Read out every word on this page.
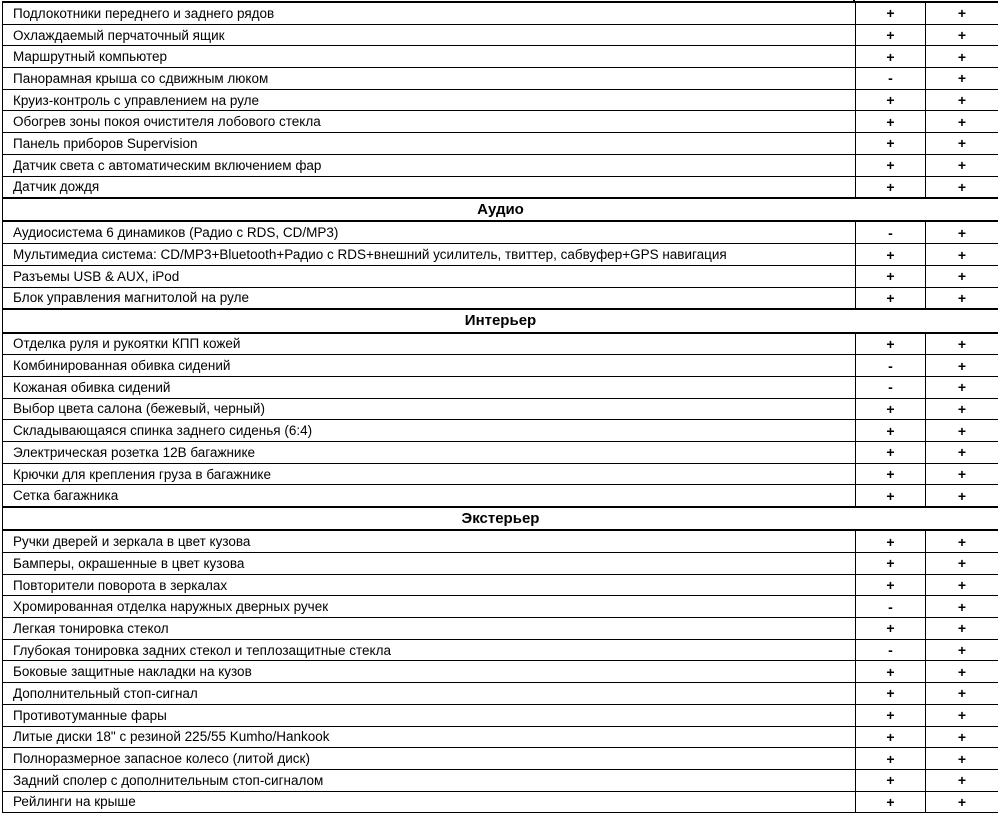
Подлокотники переднего и заднего рядов	+	+
Охлаждаемый перчаточный ящик	+	+
Маршрутный компьютер	+	+
Панорамная крыша со сдвижным люком	-	+
Круиз-контроль с управлением на руле	+	+
Обогрев зоны покоя очистителя лобового стекла	+	+
Панель приборов Supervision	+	+
Датчик света с автоматическим включением фар	+	+
Датчик дождя	+	+
Аудио
Аудиосистема 6 динамиков (Радио с RDS, CD/MP3)	-	+
Мультимедиа система: CD/MP3+Bluetooth+Радио с RDS+внешний усилитель, твиттер, сабвуфер+GPS навигация	+	+
Разъемы USB & AUX, iPod	+	+
Блок управления магнитолой на руле	+	+
Интерьер
Отделка руля и рукоятки КПП кожей	+	+
Комбинированная обивка сидений	-	+
Кожаная обивка сидений	-	+
Выбор цвета салона (бежевый, черный)	+	+
Складывающаяся спинка заднего сиденья (6:4)	+	+
Электрическая розетка 12В багажнике	+	+
Крючки для крепления груза в багажнике	+	+
Сетка багажника	+	+
Экстерьер
Ручки дверей и зеркала в цвет кузова	+	+
Бамперы, окрашенные в цвет кузова	+	+
Повторители поворота в зеркалах	+	+
Хромированная отделка наружных дверных ручек	-	+
Легкая тонировка стекол	+	+
Глубокая тонировка задних стекол и теплозащитные стекла	-	+
Боковые защитные накладки на кузов	+	+
Дополнительный стоп-сигнал	+	+
Противотуманные фары	+	+
Литые диски 18" с резиной 225/55 Kumho/Hankook	+	+
Полноразмерное запасное колесо (литой диск)	+	+
Задний сполер с дополнительным стоп-сигналом	+	+
Рейлинги на крыше	+	+
